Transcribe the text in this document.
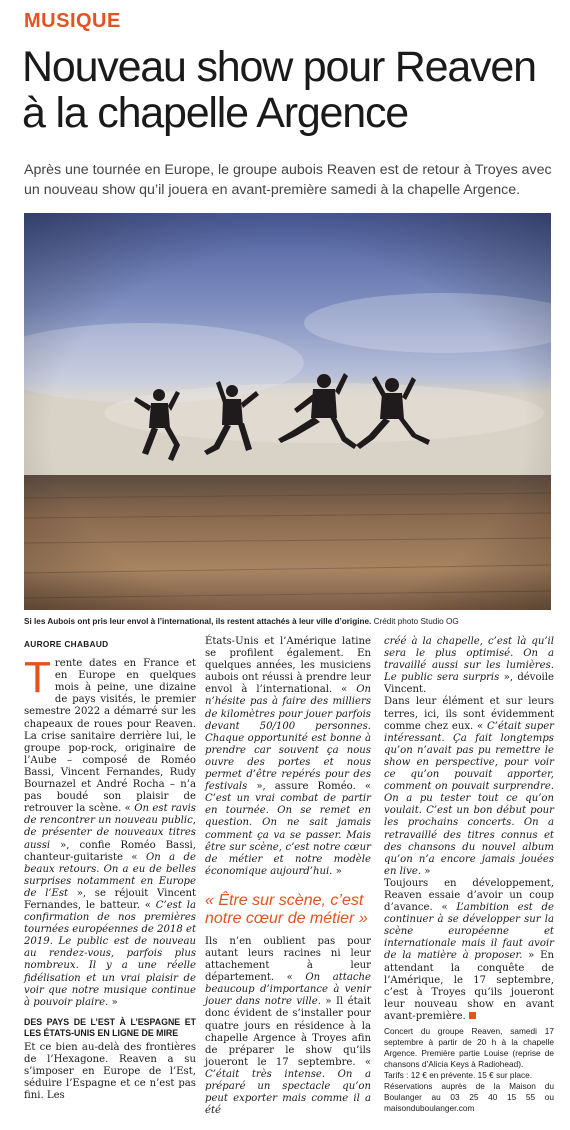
MUSIQUE
Nouveau show pour Reaven
à la chapelle Argence

Après une tournée en Europe, le groupe aubois Reaven est de retour à Troyes avec un nouveau show qu’il jouera en avant-première samedi à la chapelle Argence.

Si les Aubois ont pris leur envol à l’international, ils restent attachés à leur ville d’origine. Crédit photo Studio OG
AURORE CHABAUD

Trente dates en France et en Europe en quelques mois à peine, une dizaine de pays visités, le premier semestre 2022 a démarré sur les chapeaux de roues pour Reaven. La crise sanitaire derrière lui, le groupe pop-rock, originaire de l’Aube – composé de Roméo Bassi, Vincent Fernandes, Rudy Bournazel et André Rocha – n’a pas boudé son plaisir de retrouver la scène. « On est ravis de rencontrer un nouveau public, de présenter de nouveaux titres aussi », confie Roméo Bassi, chanteur-guitariste « On a de beaux retours. On a eu de belles surprises notamment en Europe de l’Est », se réjouit Vincent Fernandes, le batteur. « C’est la confirmation de nos premières tournées européennes de 2018 et 2019. Le public est de nouveau au rendez-vous, parfois plus nombreux. Il y a une réelle fidélisation et un vrai plaisir de voir que notre musique continue à pouvoir plaire. »

DES PAYS DE L’EST À L’ESPAGNE ET LES ÉTATS-UNIS EN LIGNE DE MIRE

Et ce bien au-delà des frontières de l’Hexagone. Reaven a su s’imposer en Europe de l’Est, séduire l’Espagne et ce n’est pas fini. Les

États-Unis et l’Amérique latine se profilent également. En quelques années, les musiciens aubois ont réussi à prendre leur envol à l’international. « On n’hésite pas à faire des milliers de kilomètres pour jouer parfois devant 50/100 personnes. Chaque opportunité est bonne à prendre car souvent ça nous ouvre des portes et nous permet d’être repérés pour des festivals », assure Roméo. « C’est un vrai combat de partir en tournée. On se remet en question. On ne sait jamais comment ça va se passer. Mais être sur scène, c’est notre cœur de métier et notre modèle économique aujourd’hui. »

« Être sur scène, c’est notre cœur de métier »

Ils n’en oublient pas pour autant leurs racines ni leur attachement à leur département. « On attache beaucoup d’importance à venir jouer dans notre ville. » Il était donc évident de s’installer pour quatre jours en résidence à la chapelle Argence à Troyes afin de préparer le show qu’ils joueront le 17 septembre. « C’était très intense. On a préparé un spectacle qu’on peut exporter mais comme il a été

créé à la chapelle, c’est là qu’il sera le plus optimisé. On a travaillé aussi sur les lumières. Le public sera surpris », dévoile Vincent.

Dans leur élément et sur leurs terres, ici, ils sont évidemment comme chez eux. « C’était super intéressant. Ça fait longtemps qu’on n’avait pas pu remettre le show en perspective, pour voir ce qu’on pouvait apporter, comment on pouvait surprendre. On a pu tester tout ce qu’on voulait. C’est un bon début pour les prochains concerts. On a retravaillé des titres connus et des chansons du nouvel album qu’on n’a encore jamais jouées en live. »

Toujours en développement, Reaven essaie d’avoir un coup d’avance. « L’ambition est de continuer à se développer sur la scène européenne et internationale mais il faut avoir de la matière à proposer. » En attendant la conquête de l’Amérique, le 17 septembre, c’est à Troyes qu’ils joueront leur nouveau show en avant avant-première.

Concert du groupe Reaven, samedi 17 septembre à partir de 20 h à la chapelle Argence. Première partie Louise (reprise de chansons d’Alicia Keys à Radiohead).

Tarifs : 12 € en prévente. 15 € sur place.

Réservations auprès de la Maison du Boulanger au 03 25 40 15 55 ou maisonduboulanger.com
